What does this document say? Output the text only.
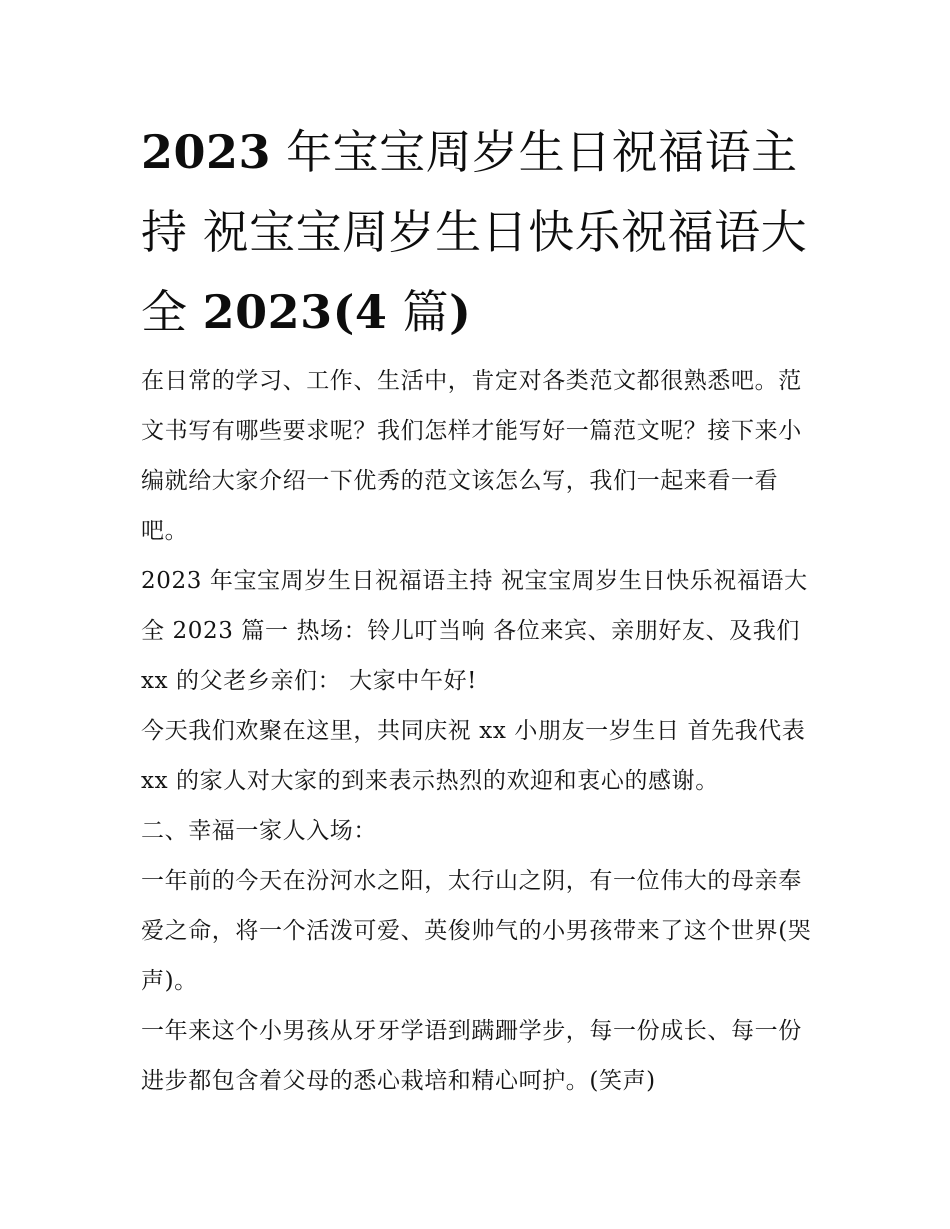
2023 年宝宝周岁生日祝福语主持 祝宝宝周岁生日快乐祝福语大全 2023(4 篇)

在日常的学习、工作、生活中，肯定对各类范文都很熟悉吧。范文书写有哪些要求呢？我们怎样才能写好一篇范文呢？接下来小编就给大家介绍一下优秀的范文该怎么写，我们一起来看一看吧。

2023 年宝宝周岁生日祝福语主持 祝宝宝周岁生日快乐祝福语大全 2023 篇一 热场：铃儿叮当响 各位来宾、亲朋好友、及我们 xx 的父老乡亲们： 大家中午好!

今天我们欢聚在这里，共同庆祝 xx 小朋友一岁生日 首先我代表 xx 的家人对大家的到来表示热烈的欢迎和衷心的感谢。

二、幸福一家人入场：

一年前的今天在汾河水之阳，太行山之阴，有一位伟大的母亲奉爱之命，将一个活泼可爱、英俊帅气的小男孩带来了这个世界(哭声)。

一年来这个小男孩从牙牙学语到蹒跚学步，每一份成长、每一份进步都包含着父母的悉心栽培和精心呵护。(笑声)
